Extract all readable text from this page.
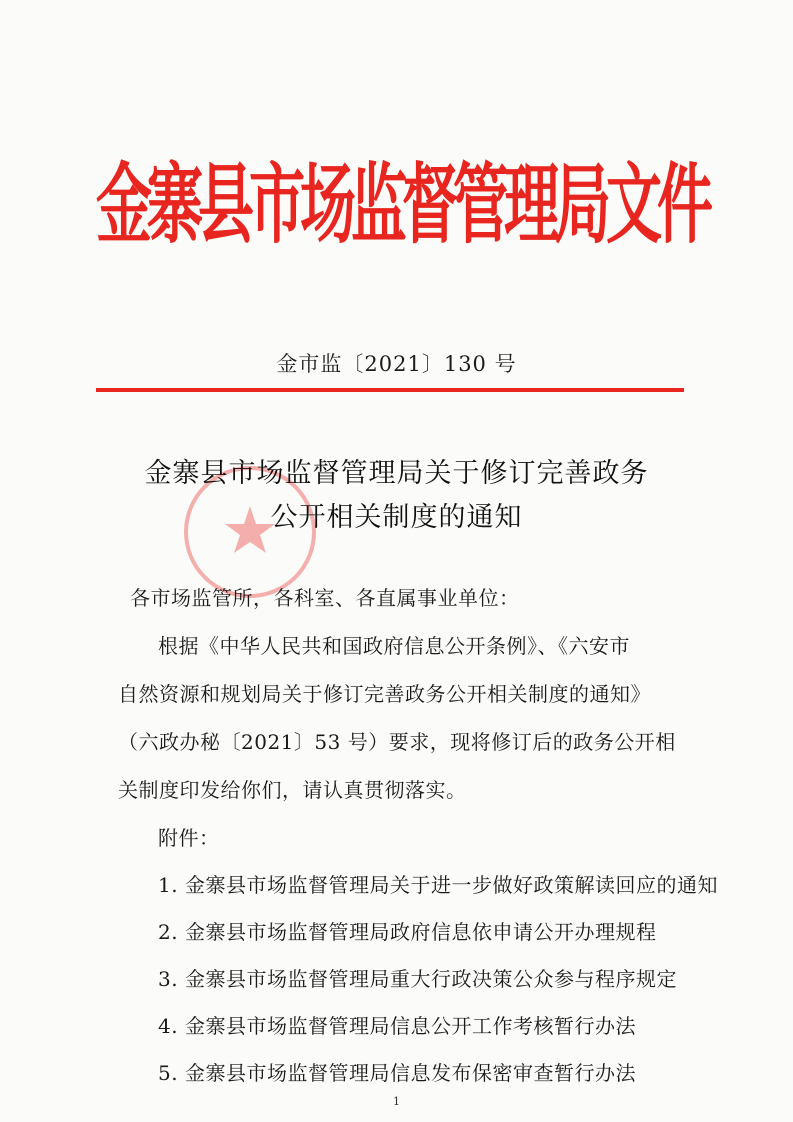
金寨县市场监督管理局文件
金市监〔2021〕130 号
金寨县市场监督管理局关于修订完善政务
公开相关制度的通知
各市场监管所，各科室、各直属事业单位：
根据《中华人民共和国政府信息公开条例》、《六安市
自然资源和规划局关于修订完善政务公开相关制度的通知》
（六政办秘〔2021〕53 号）要求，现将修订后的政务公开相
关制度印发给你们，请认真贯彻落实。
附件：
1. 金寨县市场监督管理局关于进一步做好政策解读回应的通知
2. 金寨县市场监督管理局政府信息依申请公开办理规程
3. 金寨县市场监督管理局重大行政决策公众参与程序规定
4. 金寨县市场监督管理局信息公开工作考核暂行办法
5. 金寨县市场监督管理局信息发布保密审查暂行办法
1
